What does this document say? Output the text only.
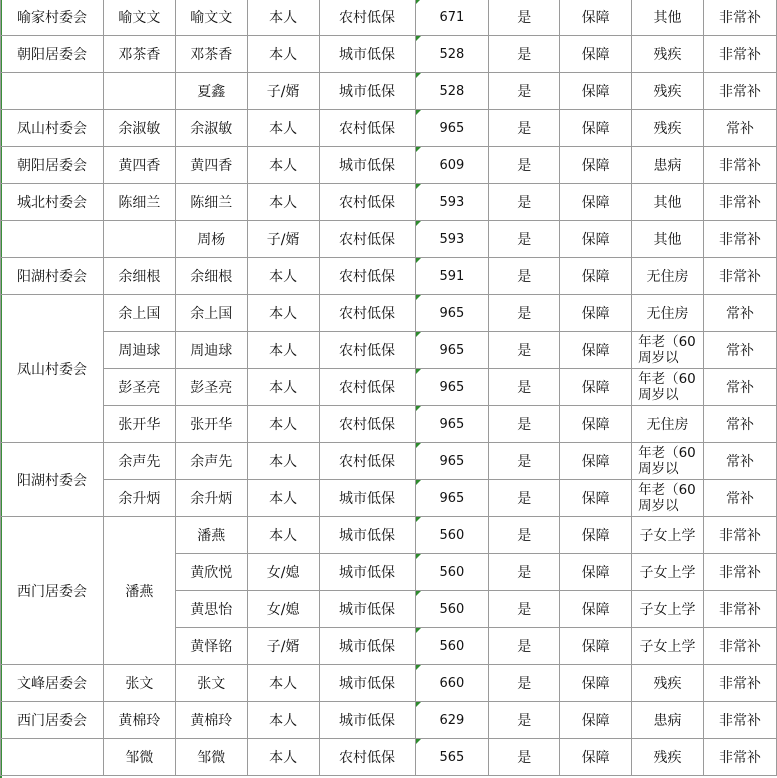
喻家村委会	喻文文	喻文文	本人	农村低保	671	是	保障	其他	非常补
朝阳居委会	邓茶香	邓茶香	本人	城市低保	528	是	保障	残疾	非常补
		夏鑫	子/婿	城市低保	528	是	保障	残疾	非常补
凤山村委会	余淑敏	余淑敏	本人	农村低保	965	是	保障	残疾	常补
朝阳居委会	黄四香	黄四香	本人	城市低保	609	是	保障	患病	非常补
城北村委会	陈细兰	陈细兰	本人	农村低保	593	是	保障	其他	非常补
		周杨	子/婿	农村低保	593	是	保障	其他	非常补
阳湖村委会	余细根	余细根	本人	农村低保	591	是	保障	无住房	非常补
凤山村委会	余上国	余上国	本人	农村低保	965	是	保障	无住房	常补
	周迪球	周迪球	本人	农村低保	965	是	保障	年老（60周岁以	常补
	彭圣亮	彭圣亮	本人	农村低保	965	是	保障	年老（60周岁以	常补
	张开华	张开华	本人	农村低保	965	是	保障	无住房	常补
阳湖村委会	余声先	余声先	本人	农村低保	965	是	保障	年老（60周岁以	常补
	余升炳	余升炳	本人	城市低保	965	是	保障	年老（60周岁以	常补
西门居委会	潘燕	潘燕	本人	城市低保	560	是	保障	子女上学	非常补
		黄欣悦	女/媳	城市低保	560	是	保障	子女上学	非常补
		黄思怡	女/媳	城市低保	560	是	保障	子女上学	非常补
		黄怿铭	子/婿	城市低保	560	是	保障	子女上学	非常补
文峰居委会	张文	张文	本人	城市低保	660	是	保障	残疾	非常补
西门居委会	黄棉玲	黄棉玲	本人	城市低保	629	是	保障	患病	非常补
	邹微	邹微	本人	农村低保	565	是	保障	残疾	非常补
